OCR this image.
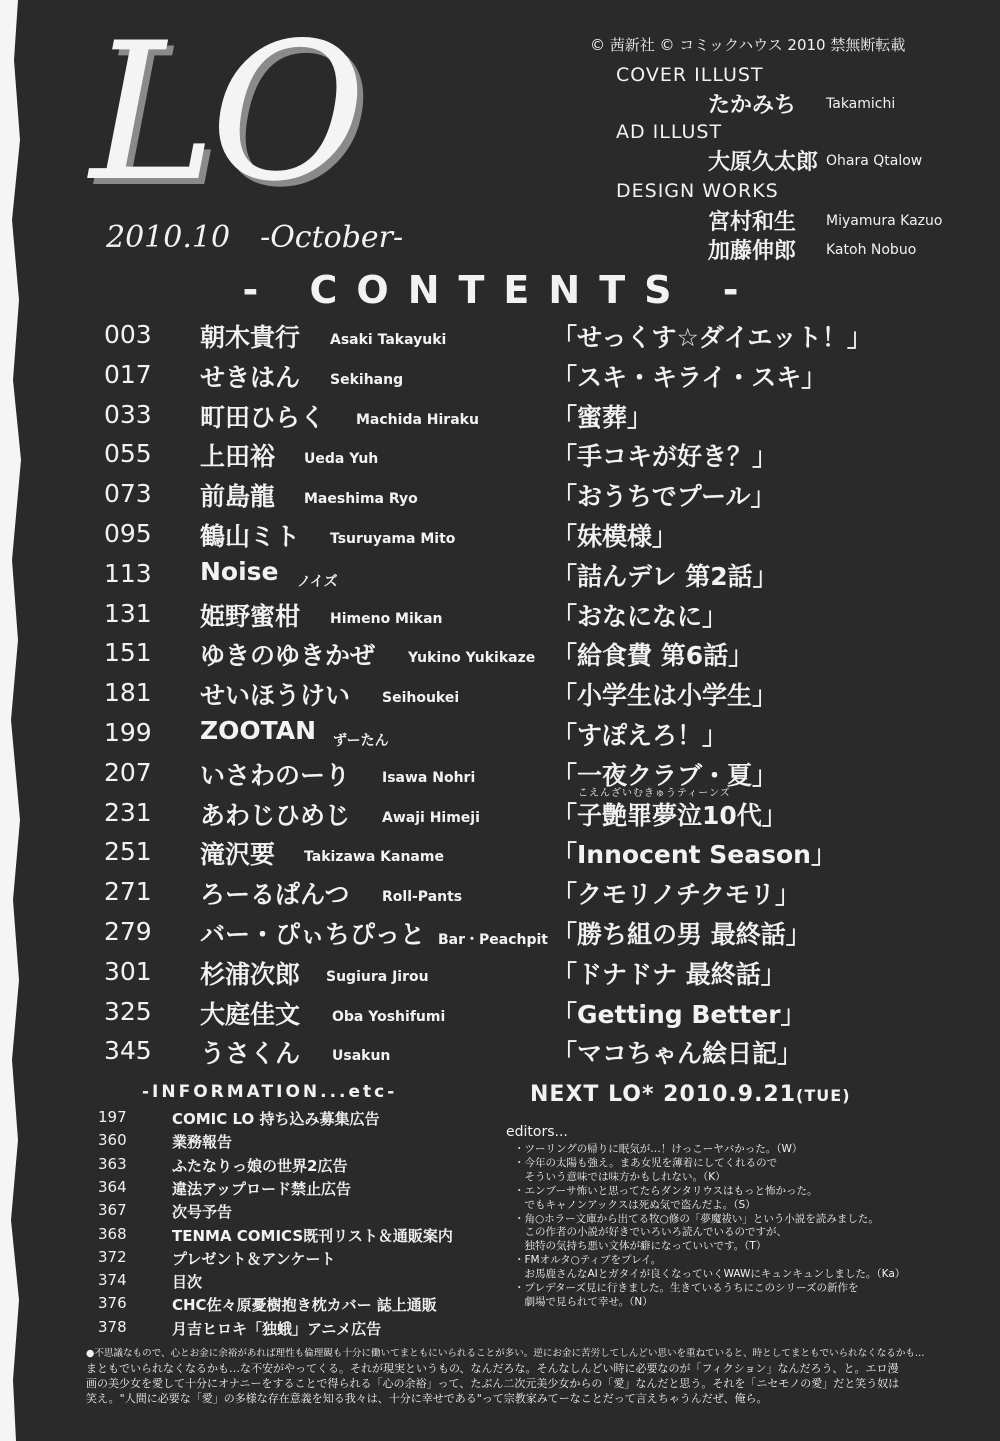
LO
2010.10 -October-
© 茜新社 © コミックハウス 2010 禁無断転載
COVER ILLUST
たかみち Takamichi
AD ILLUST
大原久太郎 Ohara Qtalow
DESIGN WORKS
宮村和生 Miyamura Kazuo
加藤伸郎 Katoh Nobuo
- CONTENTS -
003 朝木貴行 Asaki Takayuki	「せっくす☆ダイエット！」
017 せきはん Sekihang	「スキ・キライ・スキ」
033 町田ひらく Machida Hiraku	「蜜葬」
055 上田裕 Ueda Yuh	「手コキが好き？」
073 前島龍 Maeshima Ryo	「おうちでプール」
095 鶴山ミト Tsuruyama Mito	「妹模様」
113 Noise ノイズ	「詰んデレ 第2話」
131 姫野蜜柑 Himeno Mikan	「おなになに」
151 ゆきのゆきかぜ Yukino Yukikaze 「給食費 第6話」
181 せいほうけい Seihoukei	「小学生は小学生」
199 ZOOTAN ずーたん	「すぽえろ！」
207 いさわのーり Isawa Nohri	「一夜クラブ・夏」
231 あわじひめじ Awaji Himeji	「子艶罪夢泣10代」
こえんざいむきゅうティーンズ
251 滝沢要 Takizawa Kaname	「Innocent Season」
271 ろーるぱんつ Roll-Pants	「クモリノチクモリ」
279 バー・ぴぃちぴっと Bar・Peachpit 「勝ち組の男 最終話」
301 杉浦次郎 Sugiura Jirou	「ドナドナ 最終話」
325 大庭佳文 Oba Yoshifumi	「Getting Better」
345 うさくん Usakun	「マコちゃん絵日記」
-INFORMATION...etc-
197	COMIC LO 持ち込み募集広告
360	業務報告
363	ふたなりっ娘の世界2広告
364	違法アップロード禁止広告
367	次号予告
368	TENMA COMICS既刊リスト＆通販案内
372	プレゼント＆アンケート
374	目次
376	CHC佐々原憂樹抱き枕カバー 誌上通販
378	月吉ヒロキ「独蛾」アニメ広告
NEXT LO* 2010.9.21(TUE)
editors...
・ツーリングの帰りに眠気が…！けっこーヤバかった。（W）
・今年の太陽も強え。まあ女児を薄着にしてくれるので
　そういう意味では味方かもしれない。（K）
・エンブーサ怖いと思ってたらダンタリウスはもっと怖かった。
　でもキャノンアックスは死ぬ気で盗んだよ。（S）
・角○ホラー文庫から出てる牧○修の「夢魔祓い」という小説を読みました。
　この作者の小説が好きでいろいろ読んでいるのですが、
　独特の気持ち悪い文体が癖になっていいです。（T）
・FMオルタ○ティブをプレイ。
　お馬鹿さんなAIとガタイが良くなっていくWAWにキュンキュンしました。（Ka）
・プレデターズ見に行きました。生きているうちにこのシリーズの新作を
　劇場で見られて幸せ。（N）

●不思議なもので、心とお金に余裕があれば理性も倫理観も十分に働いてまともにいられることが多い。逆にお金に苦労してしんどい思いを重ねていると、時としてまともでいられなくなるかも…

まともでいられなくなるかも…な不安がやってくる。それが現実というもの、なんだろな。そんなしんどい時に必要なのが「フィクション」なんだろう、と。エロ漫

画の美少女を愛して十分にオナニーをすることで得られる「心の余裕」って、たぶん二次元美少女からの「愛」なんだと思う。それを「ニセモノの愛」だと笑う奴は

笑え。"人間に必要な「愛」の多様な存在意義を知る我々は、十分に幸せである"って宗教家みてーなことだって言えちゃうんだぜ、俺ら。
